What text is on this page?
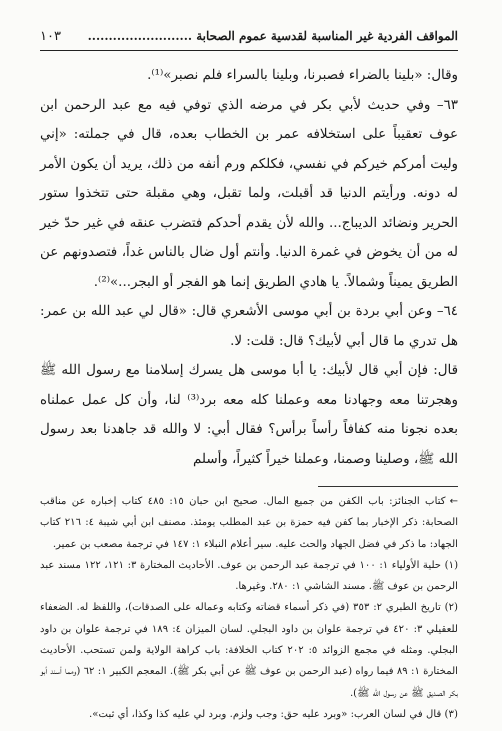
المواقف الفردية غير المناسبة لقدسية عموم الصحابة .........................
١٠٣

وقال: «بلينا بالضراء فصبرنا، وبلينا بالسراء فلم نصبر»⁽¹⁾.

٦٣– وفي حديث لأبي بكر في مرضه الذي توفي فيه مع عبد الرحمن ابن عوف تعقيباً على استخلافه عمر بن الخطاب بعده، قال في جملته: «إني وليت أمركم خيركم في نفسي، فكلكم ورم أنفه من ذلك، يريد أن يكون الأمر له دونه. ورأيتم الدنيا قد أقبلت، ولما تقبل، وهي مقبلة حتى تتخذوا ستور الحرير ونضائد الديباج... والله لأن يقدم أحدكم فتضرب عنقه في غير حدّ خير له من أن يخوض في غمرة الدنيا. وأنتم أول ضال بالناس غداً، فتصدونهم عن الطريق يميناً وشمالاً. يا هادي الطريق إنما هو الفجر أو البجر...»⁽²⁾.

٦٤– وعن أبي بردة بن أبي موسى الأشعري قال: «قال لي عبد الله بن عمر: هل تدري ما قال أبي لأبيك؟ قال: قلت: لا.

قال: فإن أبي قال لأبيك: يا أبا موسى هل يسرك إسلامنا مع رسول الله ﷺ وهجرتنا معه وجهادنا معه وعملنا كله معه برد⁽³⁾ لنا، وأن كل عمل عملناه بعده نجونا منه كفافاً رأساً برأس؟ فقال أبي: لا والله قد جاهدنا بعد رسول الله ﷺ، وصلينا وصمنا، وعملنا خيراً كثيراً، وأسلم

←كتاب الجنائز: باب الكفن من جميع المال. صحيح ابن حبان ١٥: ٤٨٥ كتاب إخباره عن مناقب الصحابة: ذكر الإخبار بما كفن فيه حمزة بن عبد المطلب يومئذ. مصنف ابن أبي شيبة ٤: ٢١٦ كتاب الجهاد: ما ذكر في فضل الجهاد والحث عليه. سير أعلام النبلاء ١: ١٤٧ في ترجمة مصعب بن عمير.

(١) حلية الأولياء ١: ١٠٠ في ترجمة عبد الرحمن بن عوف. الأحاديث المختارة ٣: ١٢١، ١٢٢ مسند عبد الرحمن بن عوف ﷺ. مسند الشاشي ١: ٢٨٠. وغيرها.

(٢) تاريخ الطبري ٢: ٣٥٣ (في ذكر أسماء قضاته وكتابه وعماله على الصدقات)، واللفظ له. الضعفاء للعقيلي ٣: ٤٢٠ في ترجمة علوان بن داود البجلي. لسان الميزان ٤: ١٨٩ في ترجمة علوان بن داود البجلي. ومثله في مجمع الزوائد ٥: ٢٠٢ كتاب الخلافة: باب كراهة الولاية ولمن تستحب. الأحاديث المختارة ١: ٨٩ فيما رواه (عبد الرحمن بن عوف ﷺ عن أبي بكر ﷺ). المعجم الكبير ١: ٦٢ (ومما أسند أبو بكر الصديق ﷺ عن رسول الله ﷺ).

(٣) قال في لسان العرب: «وبرد عليه حق: وجب ولزم. وبرد لي عليه كذا وكذا، أي ثبت».
